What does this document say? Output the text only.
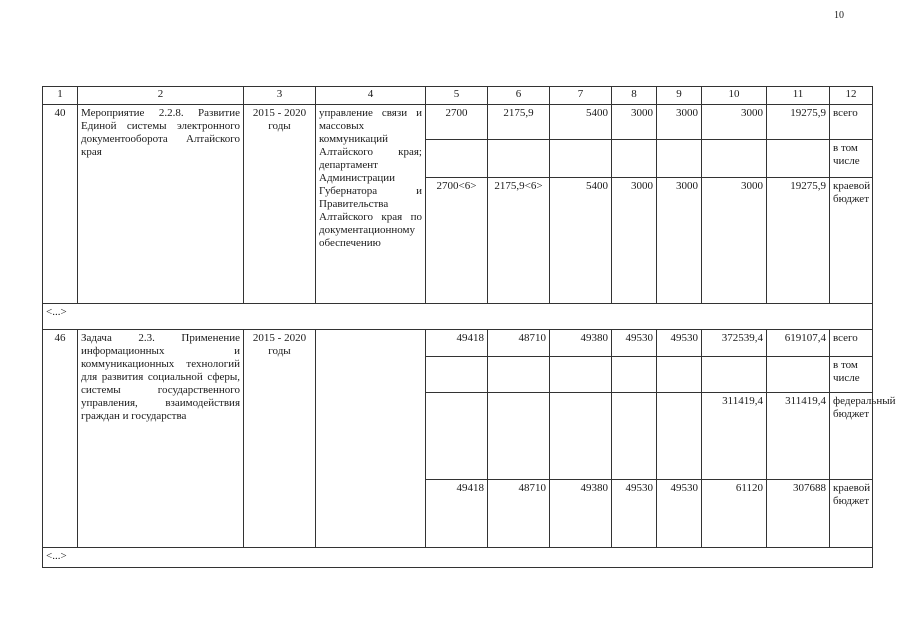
10
1	2	3	4	5	6	7	8	9	10	11	12
40	Мероприятие 2.2.8. Развитие Единой системы электронного документооборота Алтайского края	2015 - 2020 годы	управление связи и массовых коммуникаций Алтайского края; департамент Администрации Губернатора и Правительства Алтайского края по документационному обеспечению	2700	2175,9	5400	3000	3000	3000	19275,9	всего
											в том числе
				2700<6>	2175,9<6>	5400	3000	3000	3000	19275,9	краевой бюджет
<...>											
46	Задача 2.3. Применение информационных и коммуникационных технологий для развития социальной сферы, системы государственного управления, взаимодействия граждан и государства	2015 - 2020 годы		49418	48710	49380	49530	49530	372539,4	619107,4	всего
											в том числе
									311419,4	311419,4	федеральный бюджет
				49418	48710	49380	49530	49530	61120	307688	краевой бюджет
<...>											
